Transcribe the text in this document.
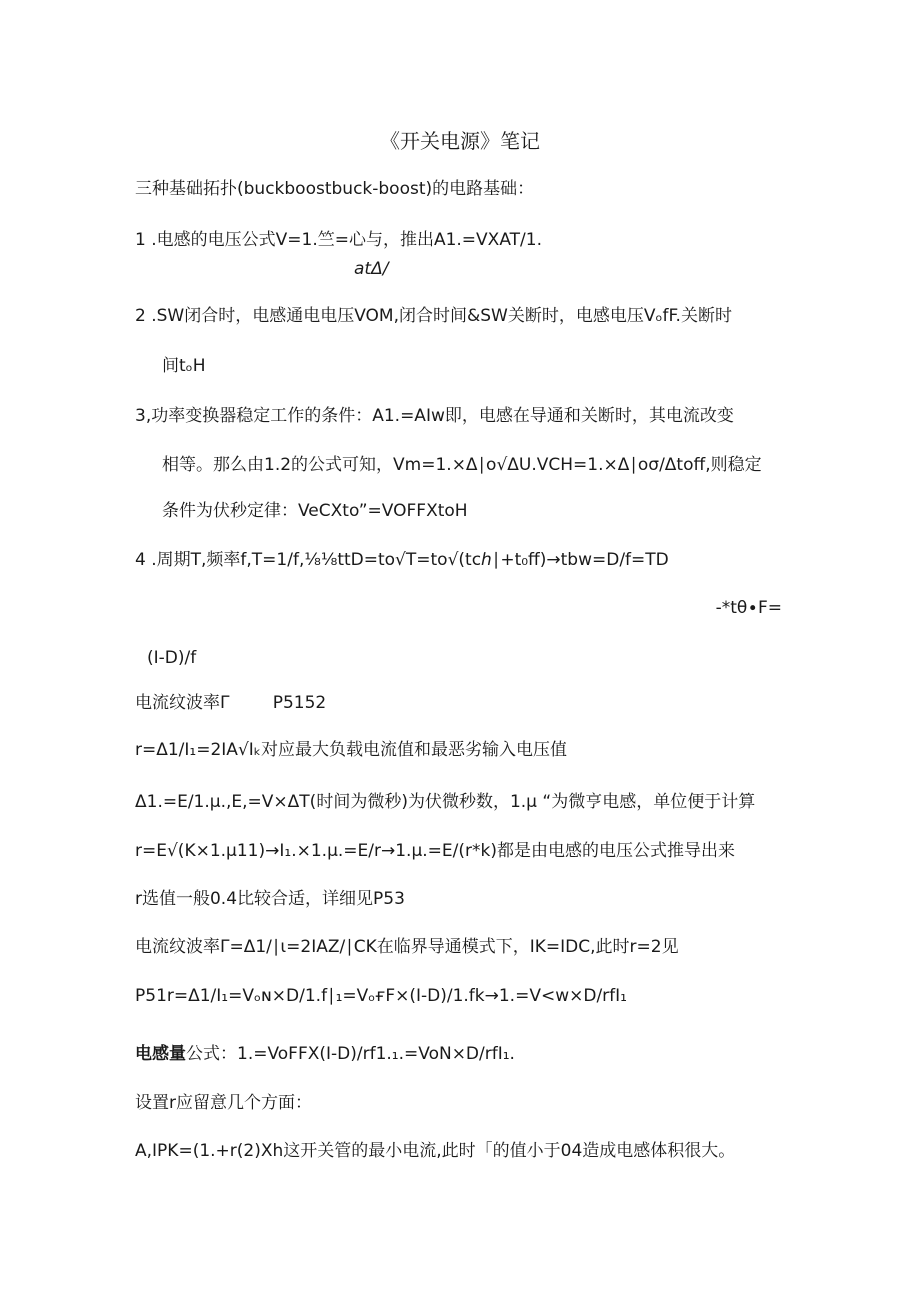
《开关电源》笔记
三种基础拓扑(buckboostbuck-boost)的电路基础：
1 .电感的电压公式V=1.竺=心与，推出A1.=VXAT/1.
atΔ/
2 .SW闭合时，电感通电电压VOM,闭合时间&SW关断时，电感电压VₒfF.关断时
间tₒH
3,功率变换器稳定工作的条件：A1.=AIw即，电感在导通和关断时，其电流改变
相等。那么由1.2的公式可知，Vm=1.×Δ∣o√ΔU.VCH=1.×Δ∣oσ/Δtoff,则稳定
条件为伏秒定律：VeCXto”=VOFFXtoH
4 .周期T,频率f,T=1/f,⅛⅛ttD=to√T=to√(tcℎ∣+t₀ff)→tbw=D/f=TD
-*tθ∙F=
(I-D)/f
电流纹波率Γ        P5152
r=Δ1/I₁=2IA√Iₖ对应最大负载电流值和最恶劣输入电压值
Δ1.=E/1.μ.,E,=V×ΔT(时间为微秒)为伏微秒数，1.μ “为微亨电感，单位便于计算
r=E√(K×1.μ11)→I₁.×1.μ.=E/r→1.μ.=E/(r*k)都是由电感的电压公式推导出来
r选值一般0.4比较合适，详细见P53
电流纹波率Γ=Δ1/∣ι=2IAZ/∣CK在临界导通模式下，IK=IDC,此时r=2见
P51r=Δ1/I₁=Vₒɴ×D/1.f∣₁=VₒғF×(I-D)/1.fk→1.=V<w×D/rfI₁
电感量公式：1.=VoFFX(I-D)/rf1.₁.=VoN×D/rfI₁.
设置r应留意几个方面：
A,IPK=(1.+r(2)Xh这开关管的最小电流,此时「的值小于04造成电感体积很大。
